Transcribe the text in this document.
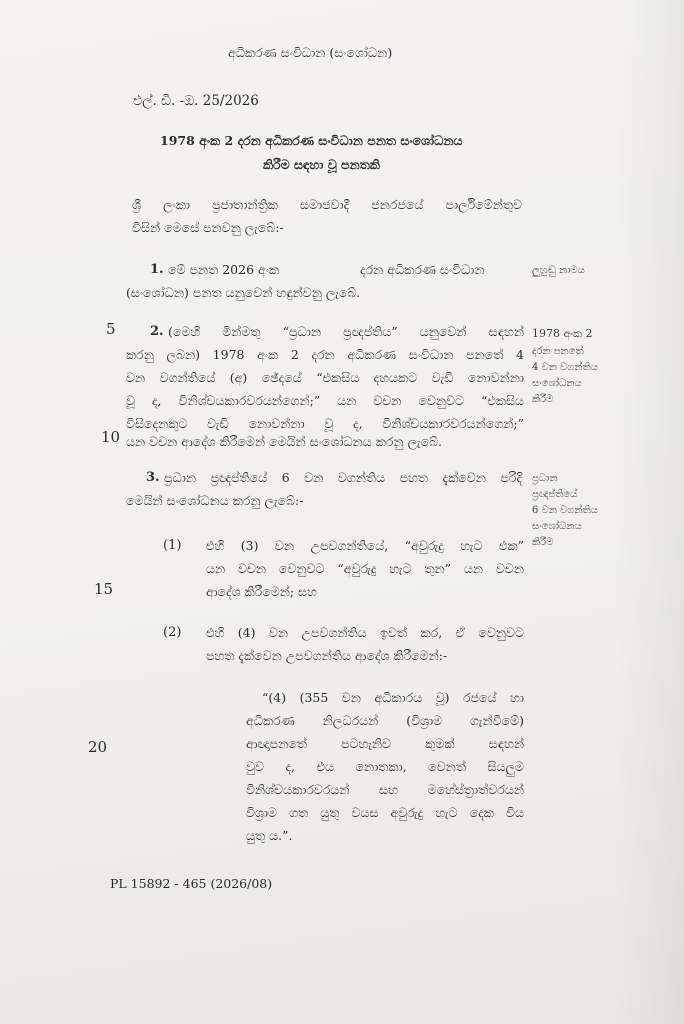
අධිකරණ සංවිධාන (සංශෝධන)
එල්. ඩී. -ඔ. 25/2026
1978 අංක 2 දරන අධිකරණ සංවිධාන පනත සංශෝධනය
කිරීම සඳහා වූ පනතකි
ශ්‍රී ලංකා ප්‍රජාතාන්ත්‍රික සමාජවාදී ජනරජයේ පාර්ලිමේන්තුව
විසින් මෙසේ පනවනු ලැබේ:-
1. මේ පනත 2026 අංක	දරන අධිකරණ සංවිධාන
(සංශෝධන) පනත යනුවෙන් හඳුන්වනු ලැබේ.
ලුහුඬු නාමය
2. (මෙහි මින්මතු “ප්‍රධාන ප්‍රඥප්තිය” යනුවෙන් සඳහන්
කරනු ලබන) 1978 අංක 2 දරන අධිකරණ සංවිධාන පනතේ 4
වන වගන්තියේ (අ) ඡේදයේ “එකසිය දහයකට වැඩි නොවන්නා
වූ ද, විනිශ්චයකාරවරයන්ගෙන්;” යන වචන වෙනුවට “එකසිය
විසිදෙනකුට වැඩි නොවන්නා වූ ද, විනිශ්චයකාරවරයන්ගෙන්;”
යන වචන ආදේශ කිරීමෙන් මෙයින් සංශෝධනය කරනු ලැබේ.
1978 අංක 2
දරන පනතේ
4 වන වගන්තිය
සංශෝධනය
කිරීම
3. ප්‍රධාන ප්‍රඥප්තියේ 6 වන වගන්තිය පහත දැක්වෙන පරිදි
මෙයින් සංශෝධනය කරනු ලැබේ:-
ප්‍රධාන
ප්‍රඥප්තියේ
6 වන වගන්තිය
සංශෝධනය
කිරීම
(1) එහි (3) වන උපවගන්තියේ, “අවුරුදු හැට එක”
යන වචන වෙනුවට “අවුරුදු හැට තුන” යන වචන
ආදේශ කිරීමෙන්; සහ
(2) එහි (4) වන උපවගන්තිය ඉවත් කර, ඒ වෙනුවට
පහත දැක්වෙන උපවගන්තිය ආදේශ කිරීමෙන්:-
“(4) (355 වන අධිකාරය වූ) රජයේ හා
අධිකරණ නිලධරයන් (විශ්‍රාම ගැන්වීමේ)
ආඥාපනතේ පටහැනිව කුමක් සඳහන්
වුව ද, එය නොතකා, වෙනත් සියලුම
විනිශ්චයකාරවරයන් සහ මහේස්ත්‍රාත්වරයන්
විශ්‍රාම ගත යුතු වයස අවුරුදු හැට දෙක විය
යුතු ය.”.
5
10
15
20
PL 15892 - 465 (2026/08)
